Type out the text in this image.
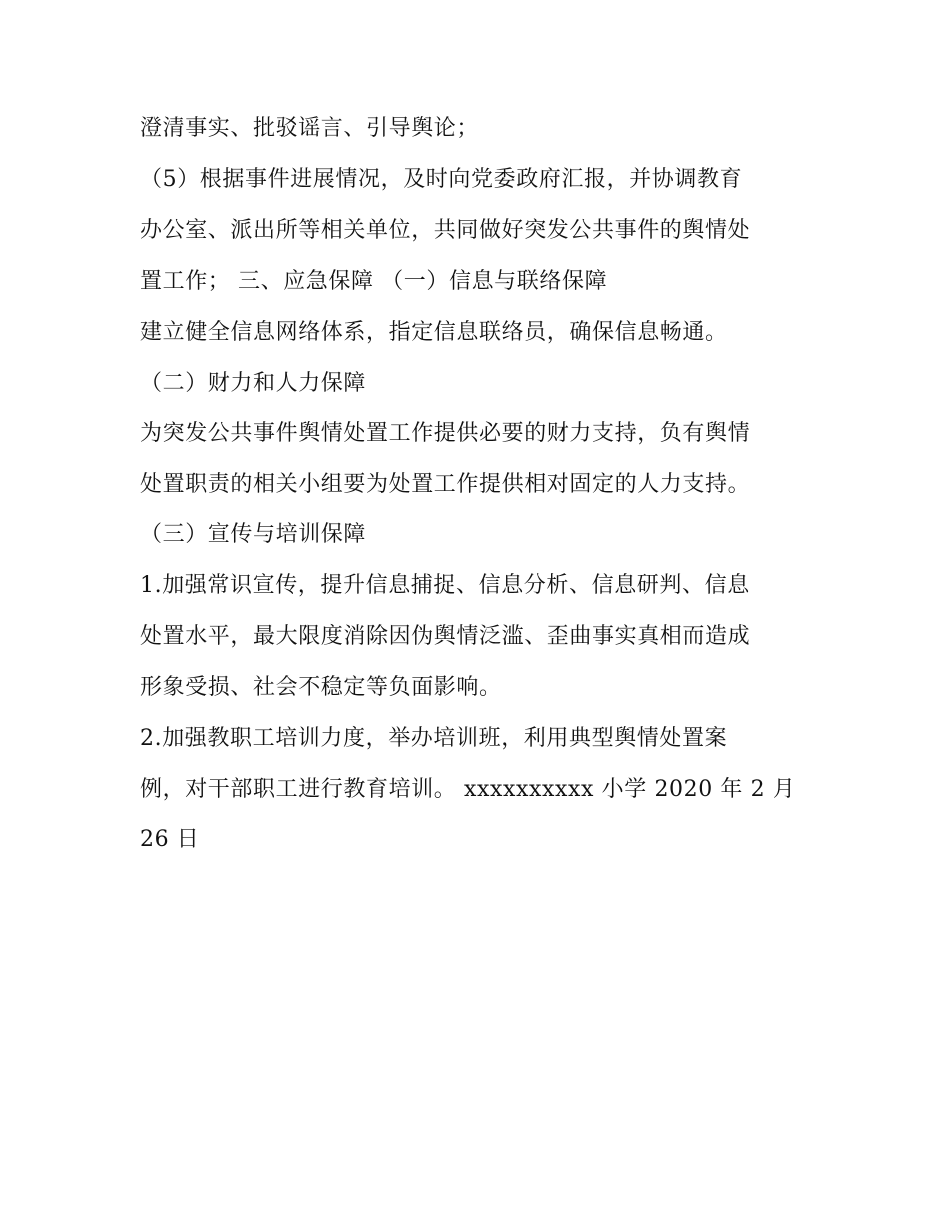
澄清事实、批驳谣言、引导舆论；
（5）根据事件进展情况，及时向党委政府汇报，并协调教育
办公室、派出所等相关单位，共同做好突发公共事件的舆情处
置工作； 三、应急保障 （一）信息与联络保障
建立健全信息网络体系，指定信息联络员，确保信息畅通。
（二）财力和人力保障
为突发公共事件舆情处置工作提供必要的财力支持，负有舆情
处置职责的相关小组要为处置工作提供相对固定的人力支持。
（三）宣传与培训保障
1.加强常识宣传，提升信息捕捉、信息分析、信息研判、信息
处置水平，最大限度消除因伪舆情泛滥、歪曲事实真相而造成
形象受损、社会不稳定等负面影响。
2.加强教职工培训力度，举办培训班，利用典型舆情处置案
例，对干部职工进行教育培训。 xxxxxxxxxx 小学 2020 年 2 月
26 日
